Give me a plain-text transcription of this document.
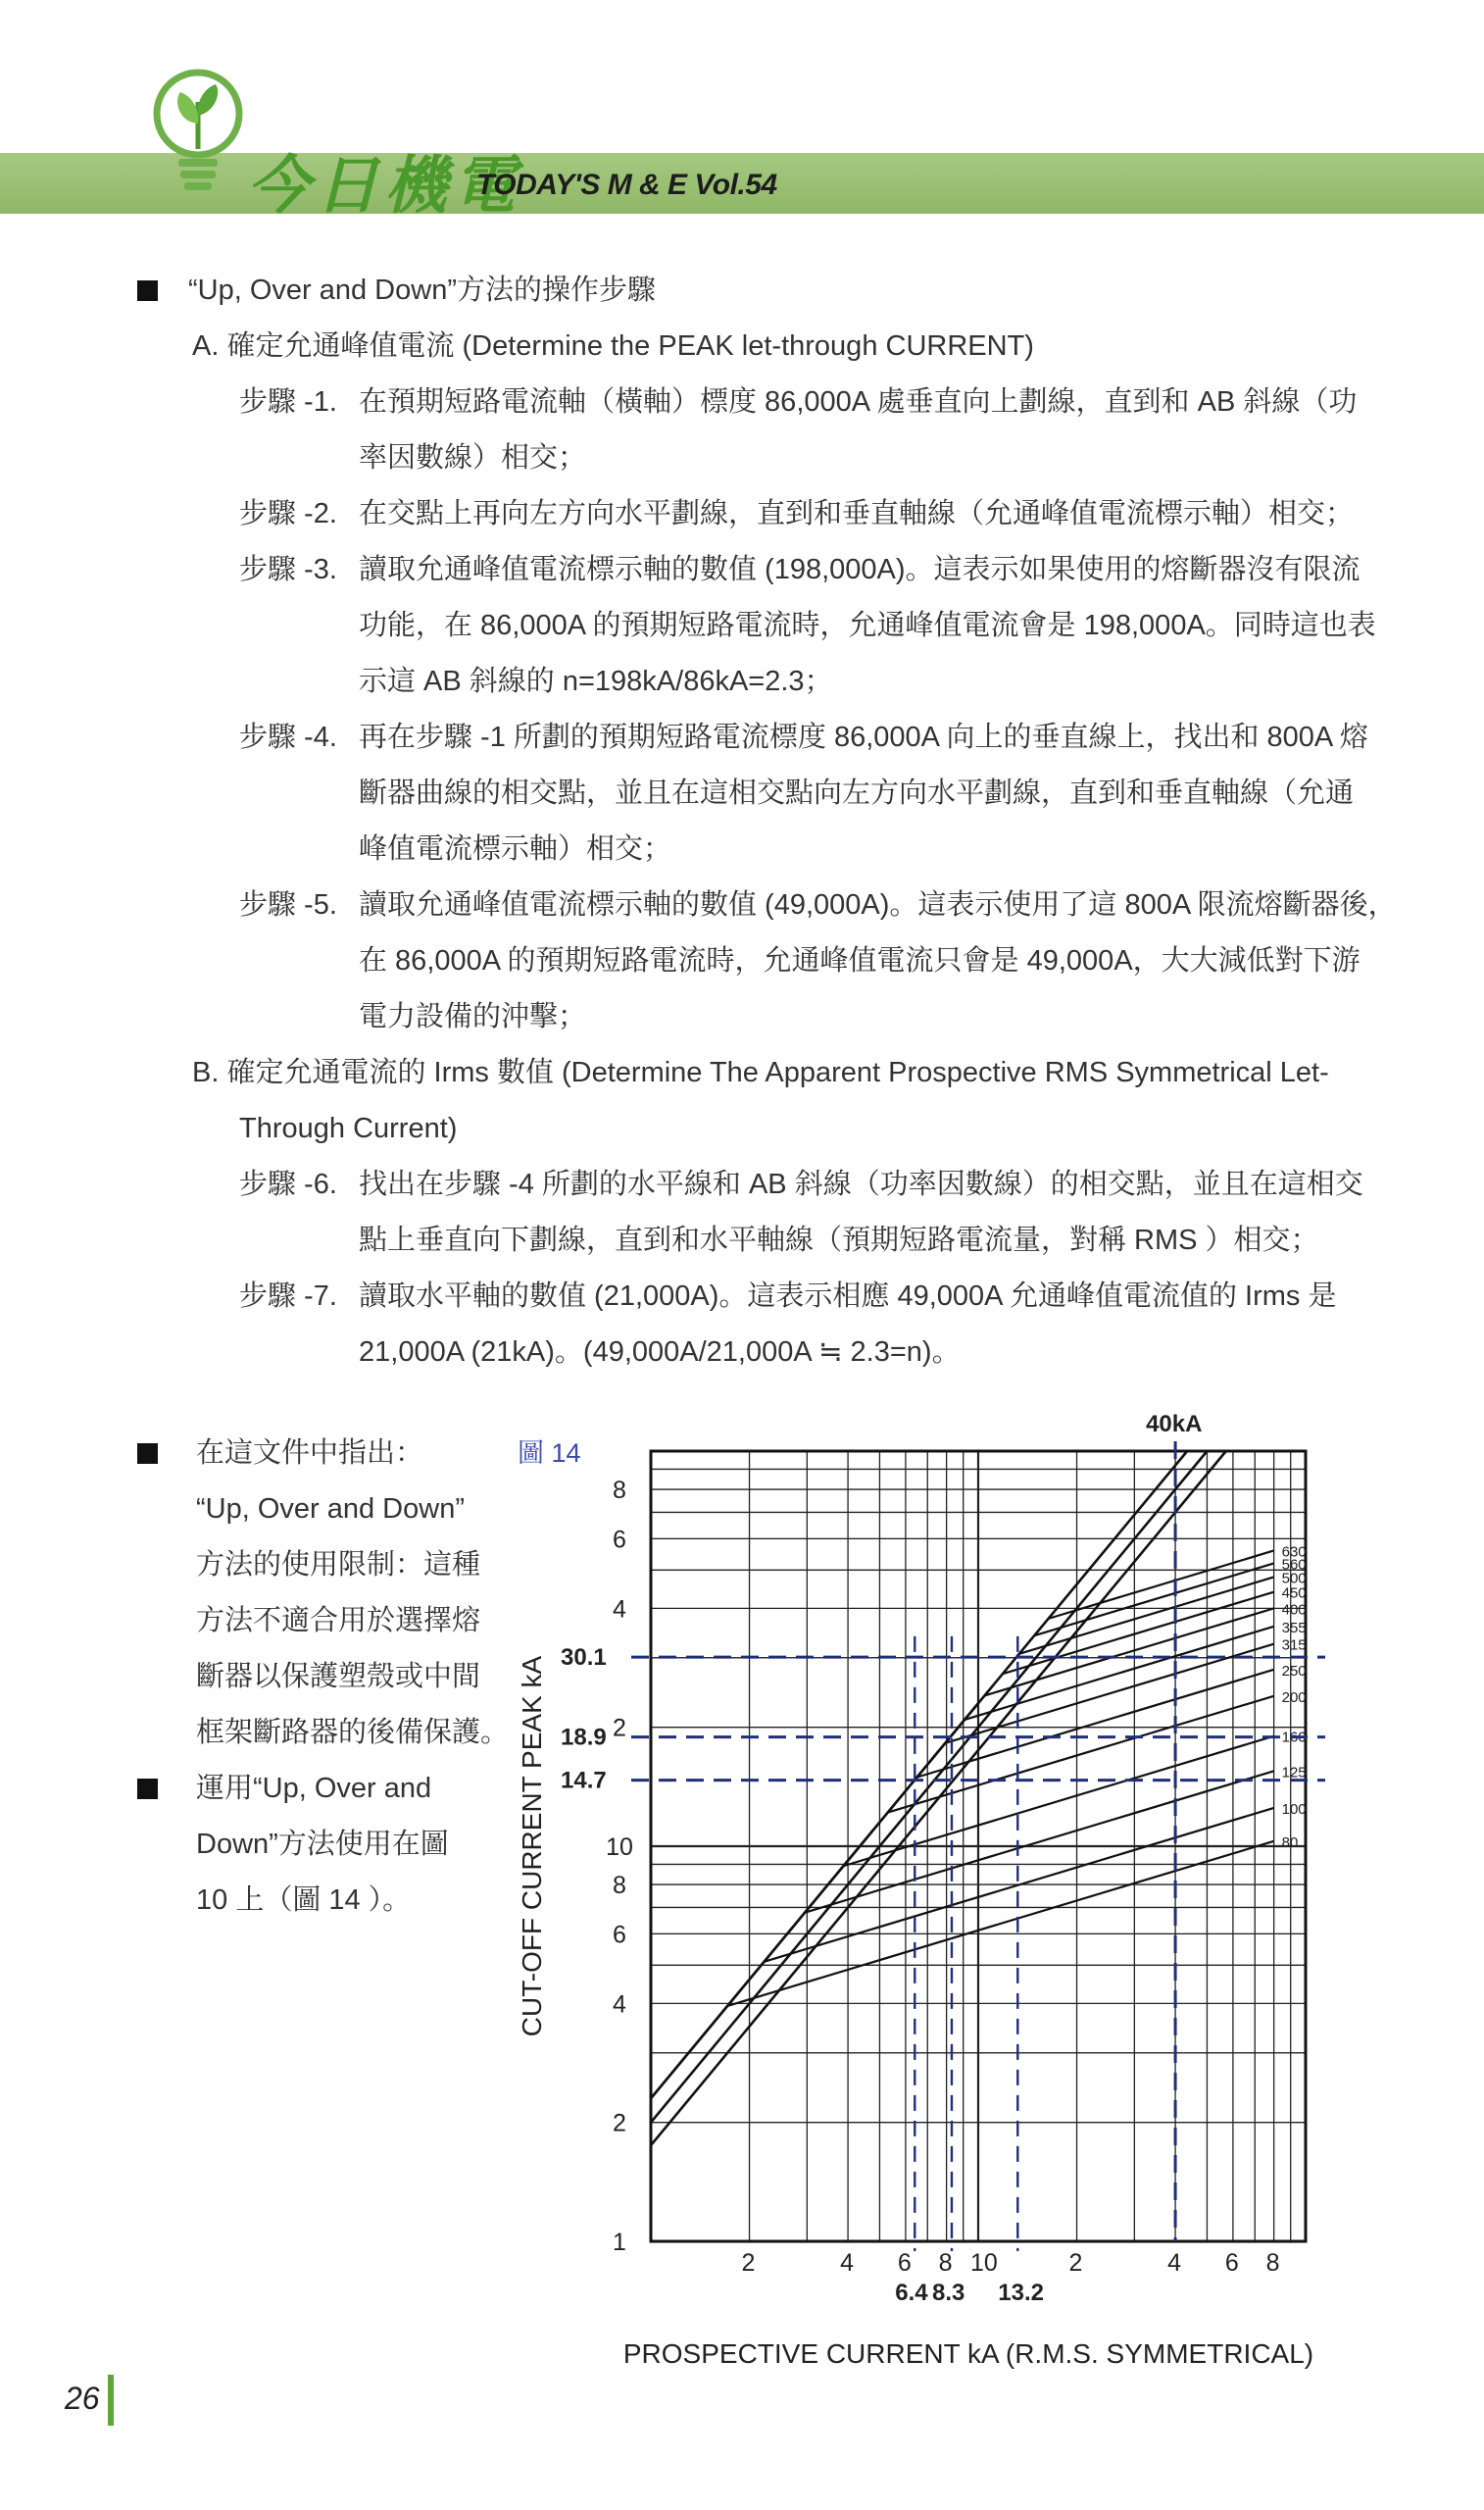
今日機電
TODAY'S M & E Vol.54
“Up, Over and Down”方法的操作步驟
A. 確定允通峰值電流 (Determine the PEAK let-through CURRENT)
步驟 -1. 在預期短路電流軸（橫軸）標度 86,000A 處垂直向上劃線，直到和 AB 斜線（功
率因數線）相交；
步驟 -2. 在交點上再向左方向水平劃線，直到和垂直軸線（允通峰值電流標示軸）相交；
步驟 -3. 讀取允通峰值電流標示軸的數值 (198,000A)。這表示如果使用的熔斷器沒有限流
功能，在 86,000A 的預期短路電流時，允通峰值電流會是 198,000A。同時這也表
示這 AB 斜線的 n=198kA/86kA=2.3；
步驟 -4. 再在步驟 -1 所劃的預期短路電流標度 86,000A 向上的垂直線上，找出和 800A 熔
斷器曲線的相交點，並且在這相交點向左方向水平劃線，直到和垂直軸線（允通
峰值電流標示軸）相交；
步驟 -5. 讀取允通峰值電流標示軸的數值 (49,000A)。這表示使用了這 800A 限流熔斷器後，
在 86,000A 的預期短路電流時，允通峰值電流只會是 49,000A，大大減低對下游
電力設備的沖擊；
B. 確定允通電流的 Irms 數值 (Determine The Apparent Prospective RMS Symmetrical Let-
Through Current)
步驟 -6. 找出在步驟 -4 所劃的水平線和 AB 斜線（功率因數線）的相交點，並且在這相交
點上垂直向下劃線，直到和水平軸線（預期短路電流量，對稱 RMS ）相交；
步驟 -7. 讀取水平軸的數值 (21,000A)。這表示相應 49,000A 允通峰值電流值的 Irms 是
21,000A (21kA)。(49,000A/21,000A ≒ 2.3=n)。
在這文件中指出：
“Up, Over and Down”
方法的使用限制：這種
方法不適合用於選擇熔
斷器以保護塑殼或中間
框架斷路器的後備保護。
運用“Up, Over and
Down”方法使用在圖
10 上（圖 14 ）。
圖 14
630
560
500
450
400
355
315
250
200
160
125
100
80
40kA
30.1
18.9
14.7
6.4 8.3 13.2
2	4 6 8 10	2	4 6 8
1
2
4
6
8
10
2
4
6
8
PROSPECTIVE CURRENT kA (R.M.S. SYMMETRICAL)
CUT-OFF CURRENT PEAK kA
26
